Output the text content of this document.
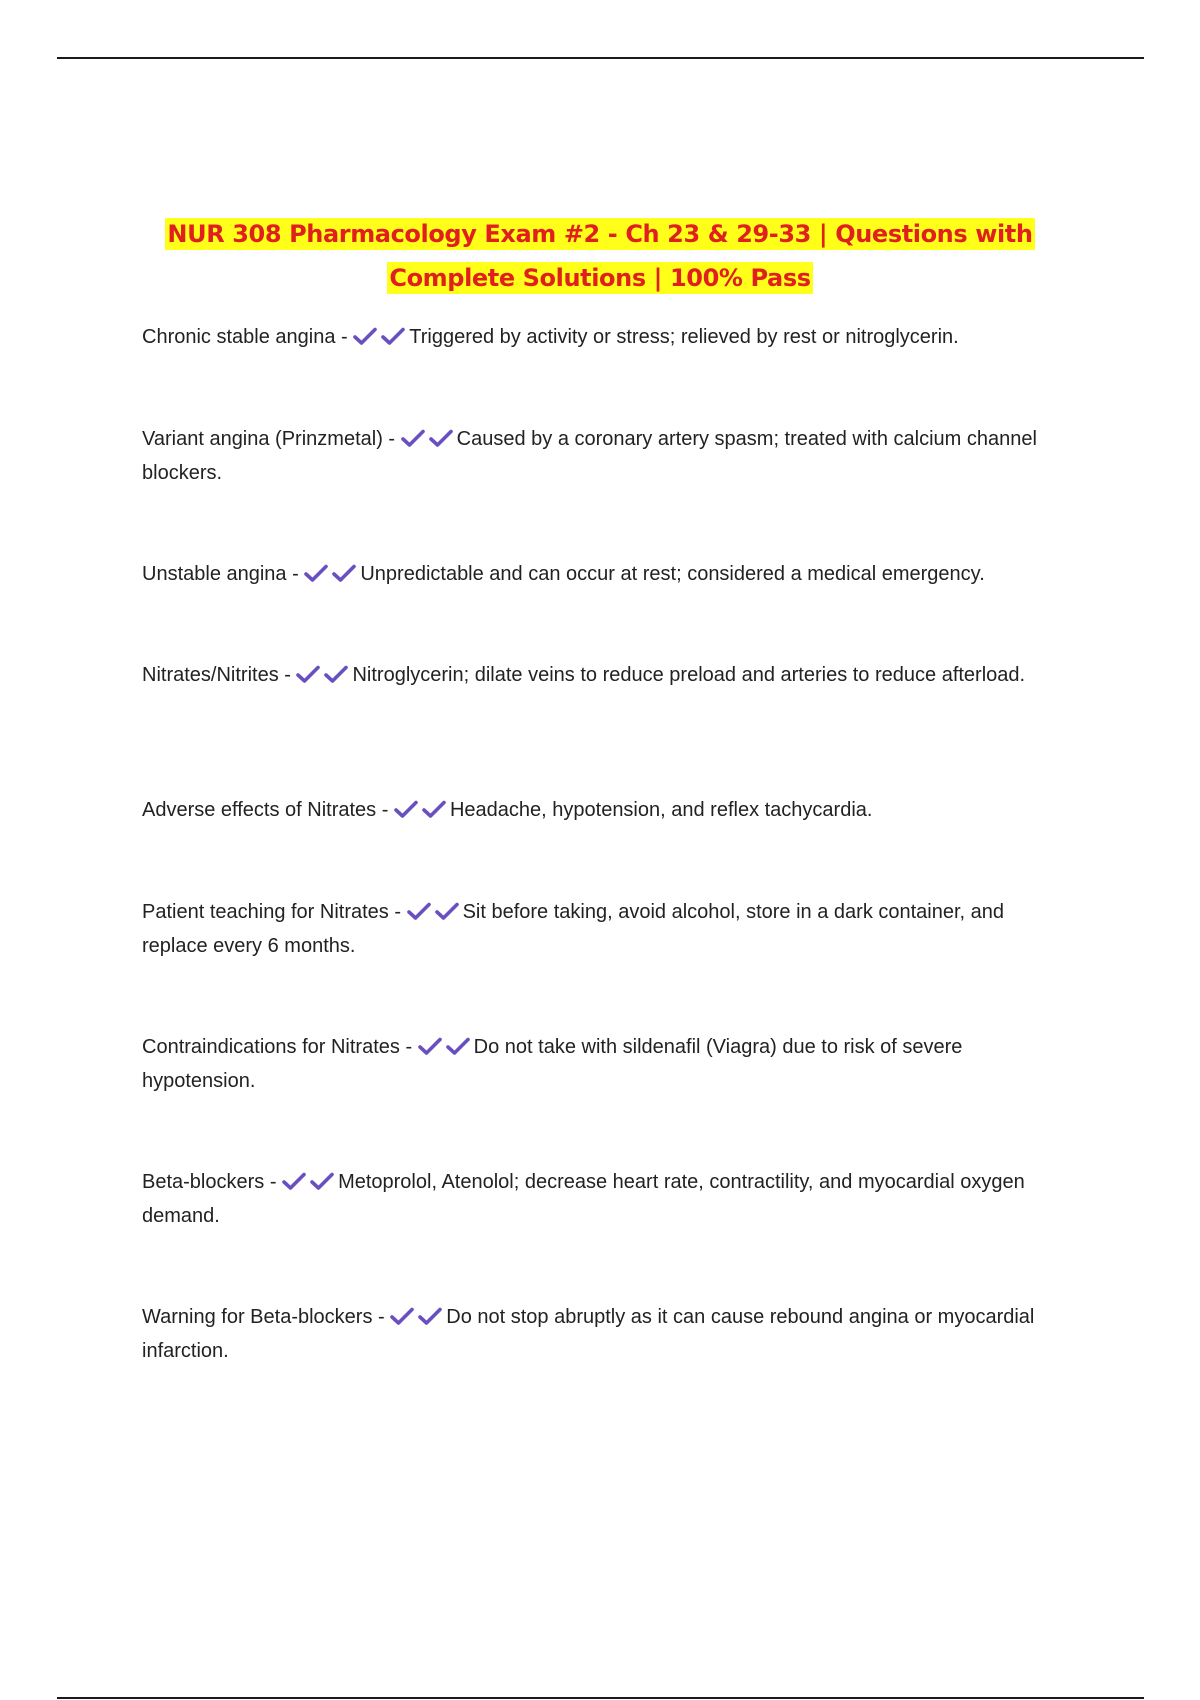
NUR 308 Pharmacology Exam #2 - Ch 23 & 29-33 | Questions with
Complete Solutions | 100% Pass

Chronic stable angina -	Triggered by activity or stress; relieved by rest or nitroglycerin.

Variant angina (Prinzmetal) -	Caused by a coronary artery spasm; treated with calcium channel blockers.

Unstable angina -	Unpredictable and can occur at rest; considered a medical emergency.

Nitrates/Nitrites -	Nitroglycerin; dilate veins to reduce preload and arteries to reduce afterload.

Adverse effects of Nitrates -	Headache, hypotension, and reflex tachycardia.

Patient teaching for Nitrates -	Sit before taking, avoid alcohol, store in a dark container, and replace every 6 months.

Contraindications for Nitrates -	Do not take with sildenafil (Viagra) due to risk of severe hypotension.

Beta-blockers -	Metoprolol, Atenolol; decrease heart rate, contractility, and myocardial oxygen demand.

Warning for Beta-blockers -	Do not stop abruptly as it can cause rebound angina or myocardial infarction.
